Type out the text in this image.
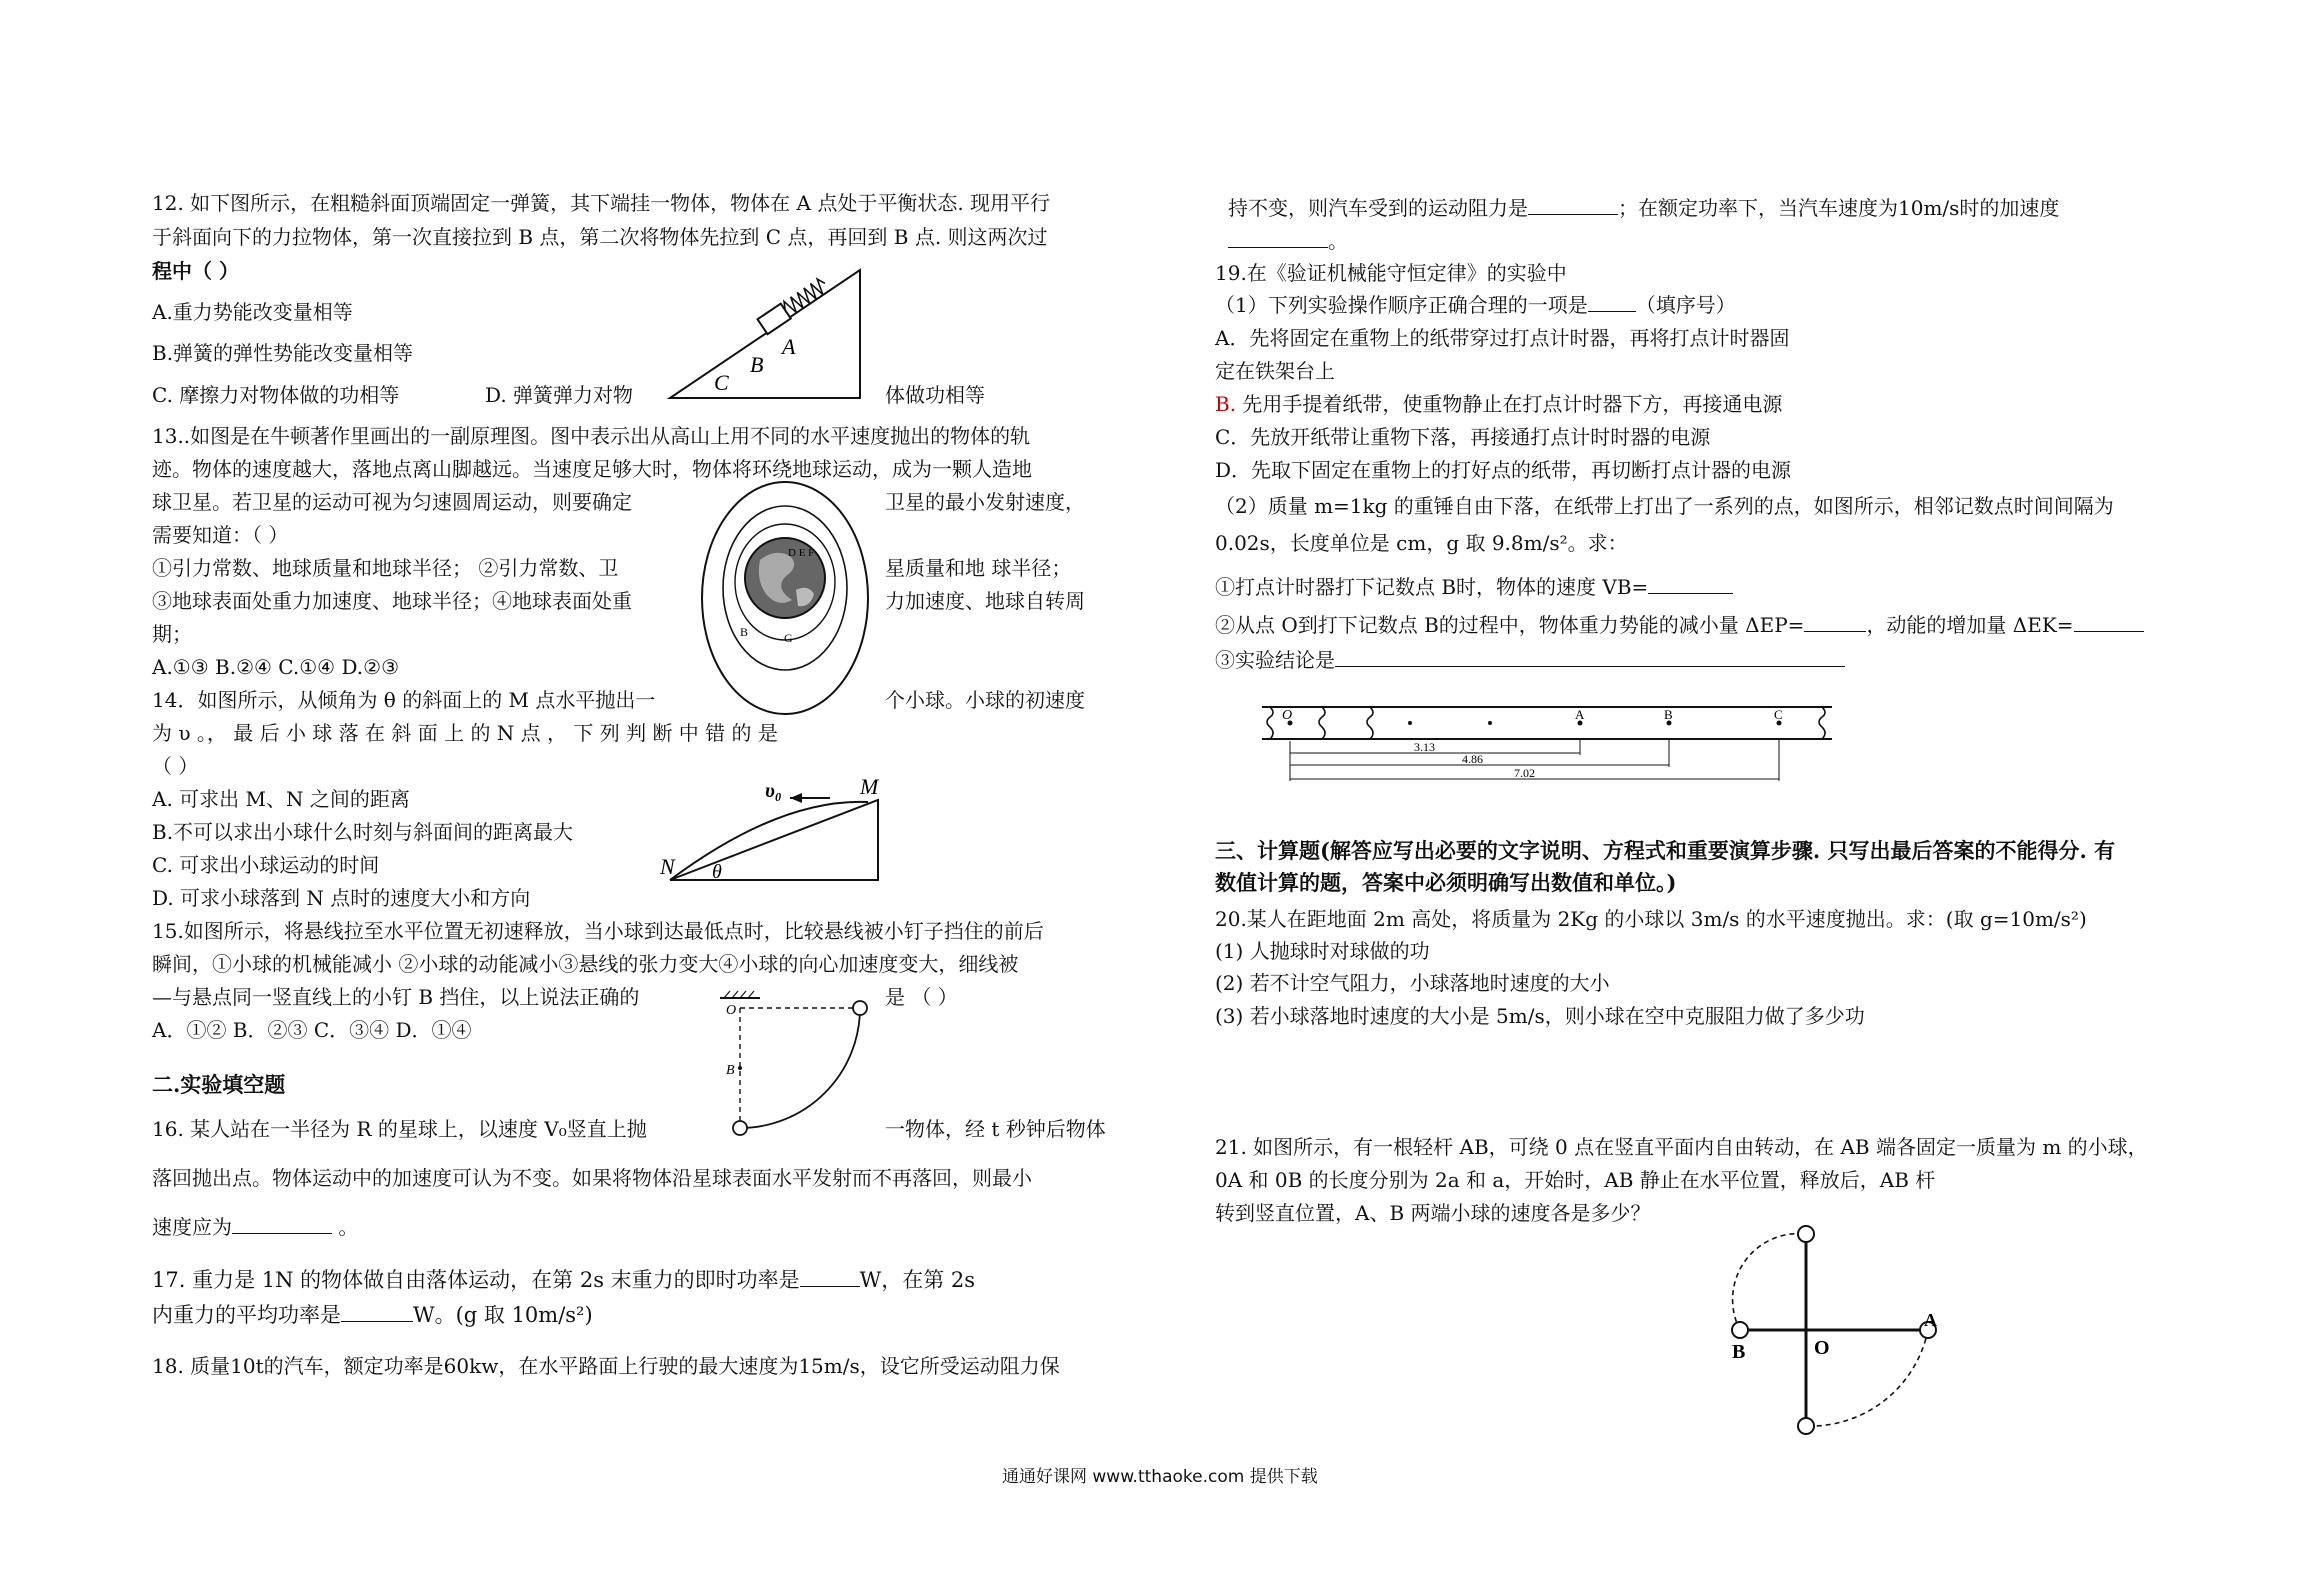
12. 如下图所示，在粗糙斜面顶端固定一弹簧，其下端挂一物体，物体在 A 点处于平衡状态. 现用平行
于斜面向下的力拉物体，第一次直接拉到 B 点，第二次将物体先拉到 C 点，再回到 B 点. 则这两次过
程中（ ）
A.重力势能改变量相等
B.弹簧的弹性势能改变量相等
C. 摩擦力对物体做的功相等	D. 弹簧弹力对物	体做功相等
A
B
C
13..如图是在牛顿著作里画出的一副原理图。图中表示出从高山上用不同的水平速度抛出的物体的轨
迹。物体的速度越大，落地点离山脚越远。当速度足够大时，物体将环绕地球运动，成为一颗人造地
球卫星。若卫星的运动可视为匀速圆周运动，则要确定	卫星的最小发射速度，
需要知道：（ ）
①引力常数、地球质量和地球半径； ②引力常数、卫	星质量和地 球半径；
③地球表面处重力加速度、地球半径；④地球表面处重	力加速度、地球自转周
期；
A.①③ B.②④ C.①④ D.②③
B	G
D E F
14．如图所示，从倾角为 θ 的斜面上的 M 点水平抛出一	个小球。小球的初速度
为 υ 。， 最 后 小 球 落 在 斜 面 上 的 N 点 ， 下 列 判 断 中 错 的 是
（ ）
A. 可求出 M、N 之间的距离
B.不可以求出小球什么时刻与斜面间的距离最大
C. 可求出小球运动的时间
D. 可求小球落到 N 点时的速度大小和方向
υ₀	M
N θ
15.如图所示，将悬线拉至水平位置无初速释放，当小球到达最低点时，比较悬线被小钉子挡住的前后
瞬间，①小球的机械能减小 ②小球的动能减小③悬线的张力变大④小球的向心加速度变大，细线被
—与悬点同一竖直线上的小钉 B 挡住，以上说法正确的	是 （ ）
A．①② B．②③ C．③④ D．①④
O
B
二.实验填空题
16. 某人站在一半径为 R 的星球上，以速度 V₀竖直上抛	一物体，经 t 秒钟后物体
落回抛出点。物体运动中的加速度可认为不变。如果将物体沿星球表面水平发射而不再落回，则最小
速度应为	。
17. 重力是 1N 的物体做自由落体运动，在第 2s 末重力的即时功率是	W，在第 2s
内重力的平均功率是	W。(g 取 10m/s²)
18. 质量10t的汽车，额定功率是60kw，在水平路面上行驶的最大速度为15m/s，设它所受运动阻力保
持不变，则汽车受到的运动阻力是	；在额定功率下，当汽车速度为10m/s时的加速度
。
19.在《验证机械能守恒定律》的实验中
（1）下列实验操作顺序正确合理的一项是 （填序号）
A．先将固定在重物上的纸带穿过打点计时器，再将打点计时器固
定在铁架台上
B. 先用手提着纸带，使重物静止在打点计时器下方，再接通电源
C．先放开纸带让重物下落，再接通打点计时时器的电源
D．先取下固定在重物上的打好点的纸带，再切断打点计器的电源
（2）质量 m=1kg 的重锤自由下落，在纸带上打出了一系列的点，如图所示，相邻记数点时间间隔为
0.02s，长度单位是 cm，g 取 9.8m/s²。求：
①打点计时器打下记数点 B时，物体的速度 VB=
②从点 O到打下记数点 B的过程中，物体重力势能的减小量 ΔEP=	，动能的增加量 ΔEK=
③实验结论是
O	A	B	C
3.13
4.86
7.02
三、计算题(解答应写出必要的文字说明、方程式和重要演算步骤. 只写出最后答案的不能得分. 有
数值计算的题，答案中必须明确写出数值和单位。)
20.某人在距地面 2m 高处，将质量为 2Kg 的小球以 3m/s 的水平速度抛出。求：(取 g=10m/s²)
(1) 人抛球时对球做的功
(2) 若不计空气阻力，小球落地时速度的大小
(3) 若小球落地时速度的大小是 5m/s，则小球在空中克服阻力做了多少功
21. 如图所示，有一根轻杆 AB，可绕 0 点在竖直平面内自由转动，在 AB 端各固定一质量为 m 的小球，
0A 和 0B 的长度分别为 2a 和 a，开始时，AB 静止在水平位置，释放后，AB 杆
转到竖直位置，A、B 两端小球的速度各是多少？
B	O
A
通通好课网 www.tthaoke.com 提供下载
